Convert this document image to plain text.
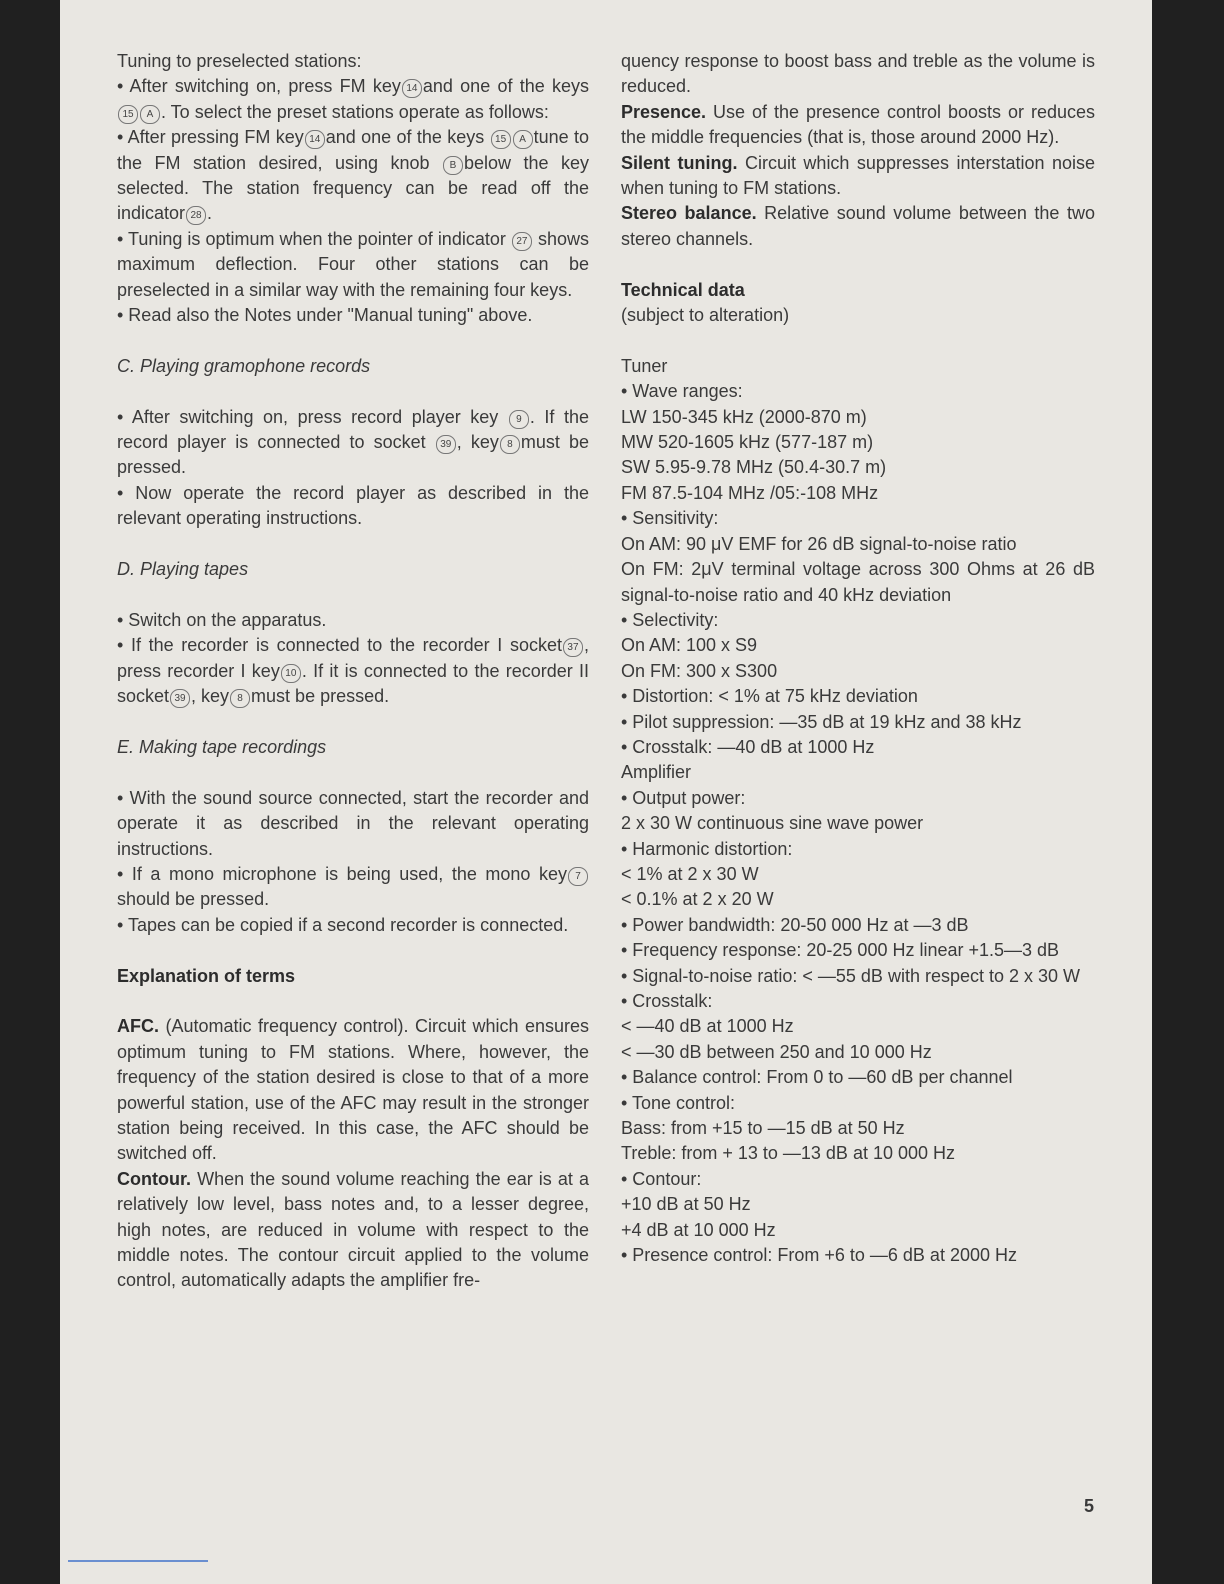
Tuning to preselected stations:

• After switching on, press FM key 14 and one of the keys 15 A . To select the preset stations operate as follows:

• After pressing FM key 14 and one of the keys 15 A tune to the FM station desired, using knob B below the key selected. The station frequency can be read off the indicator 28 .

• Tuning is optimum when the pointer of indicator 27 shows maximum deflection. Four other stations can be preselected in a similar way with the remaining four keys.

• Read also the Notes under "Manual tuning" above.

C. Playing gramophone records

• After switching on, press record player key 9 . If the record player is connected to socket 39 , key 8 must be pressed.

• Now operate the record player as described in the relevant operating instructions.

D. Playing tapes

• Switch on the apparatus.

• If the recorder is connected to the recorder I socket 37 , press recorder I key 10 . If it is connected to the recorder II socket 39 , key 8 must be pressed.

E. Making tape recordings

• With the sound source connected, start the recorder and operate it as described in the relevant operating instructions.

• If a mono microphone is being used, the mono key 7should be pressed.

• Tapes can be copied if a second recorder is connected.

Explanation of terms

AFC. (Automatic frequency control). Circuit which ensures optimum tuning to FM stations. Where, however, the frequency of the station desired is close to that of a more powerful station, use of the AFC may result in the stronger station being received. In this case, the AFC should be switched off.

Contour. When the sound volume reaching the ear is at a relatively low level, bass notes and, to a lesser degree, high notes, are reduced in volume with respect to the middle notes. The contour circuit applied to the volume control, automatically adapts the amplifier fre-

quency response to boost bass and treble as the volume is reduced.

Presence. Use of the presence control boosts or reduces the middle frequencies (that is, those around 2000 Hz).

Silent tuning. Circuit which suppresses interstation noise when tuning to FM stations.

Stereo balance. Relative sound volume between the two stereo channels.

Technical data

(subject to alteration)

Tuner

• Wave ranges:

LW 150-345 kHz (2000-870 m)

MW 520-1605 kHz (577-187 m)

SW 5.95-9.78 MHz (50.4-30.7 m)

FM 87.5-104 MHz /05:-108 MHz

• Sensitivity:

On AM: 90 μV EMF for 26 dB signal-to-noise ratio

On FM: 2μV terminal voltage across 300 Ohms at 26 dB signal-to-noise ratio and 40 kHz deviation

• Selectivity:

On AM: 100 x S9

On FM: 300 x S300

• Distortion: < 1% at 75 kHz deviation

• Pilot suppression: —35 dB at 19 kHz and 38 kHz

• Crosstalk: —40 dB at 1000 Hz

Amplifier

• Output power:

2 x 30 W continuous sine wave power

• Harmonic distortion:

< 1% at 2 x 30 W

< 0.1% at 2 x 20 W

• Power bandwidth: 20-50 000 Hz at —3 dB

• Frequency response: 20-25 000 Hz linear +1.5—3 dB

• Signal-to-noise ratio: < —55 dB with respect to 2 x 30 W

• Crosstalk:

< —40 dB at 1000 Hz

< —30 dB between 250 and 10 000 Hz

• Balance control: From 0 to —60 dB per channel

• Tone control:

Bass: from +15 to —15 dB at 50 Hz

Treble: from + 13 to —13 dB at 10 000 Hz

• Contour:

+10 dB at 50 Hz

+4 dB at 10 000 Hz

• Presence control: From +6 to —6 dB at 2000 Hz

5
